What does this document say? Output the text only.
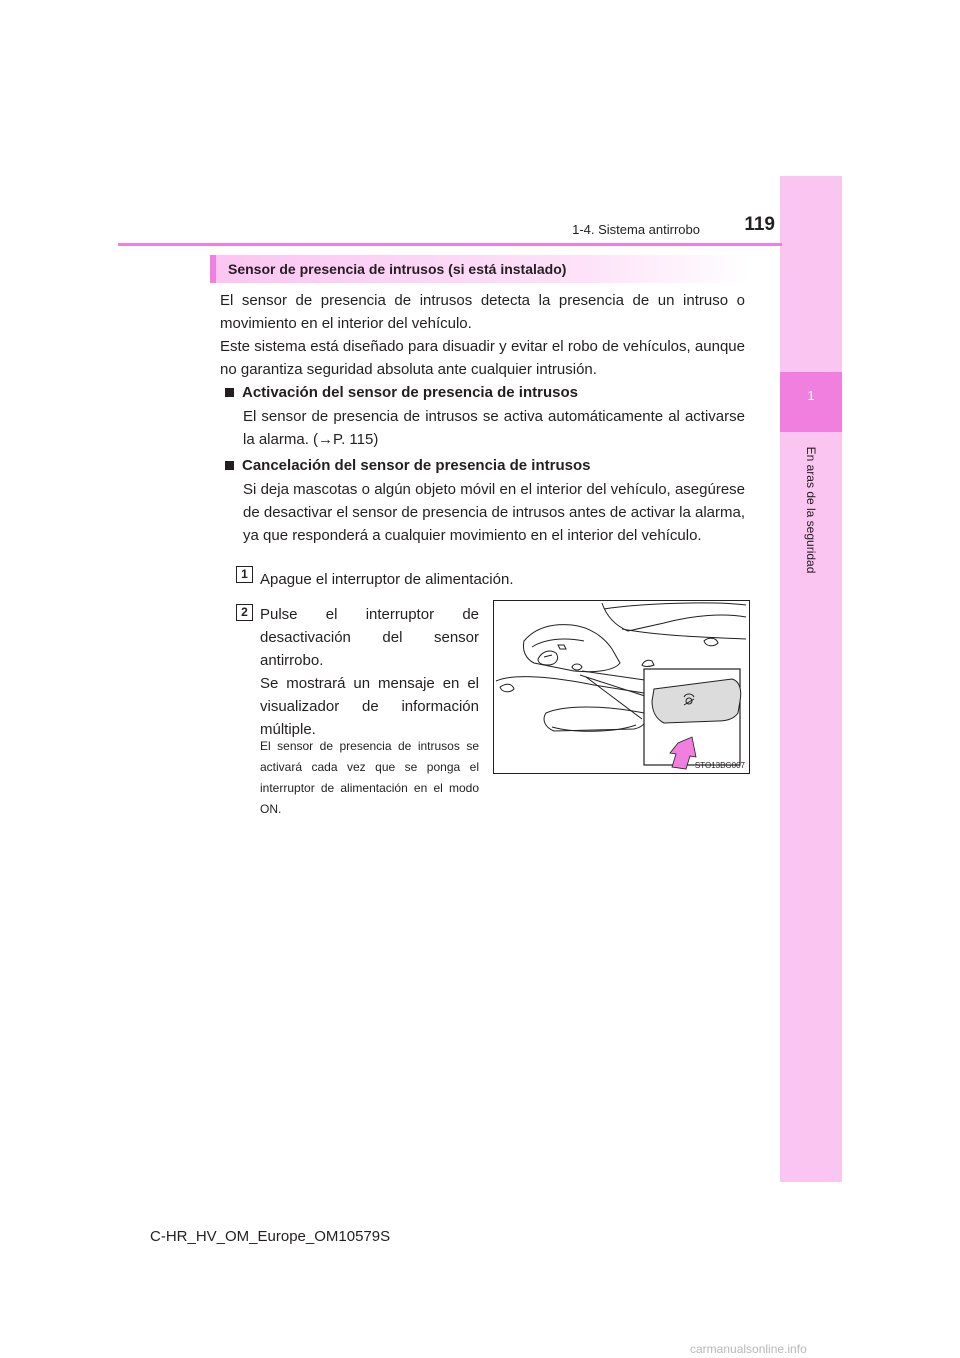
1
En aras de la seguridad
1-4. Sistema antirrobo	119
Sensor de presencia de intrusos (si está instalado)

El sensor de presencia de intrusos detecta la presencia de un intruso o movimiento en el interior del vehículo.

Este sistema está diseñado para disuadir y evitar el robo de vehículos, aunque no garantiza seguridad absoluta ante cualquier intrusión.

Activación del sensor de presencia de intrusos

El sensor de presencia de intrusos se activa automáticamente al activarse la alarma. (→P. 115)

Cancelación del sensor de presencia de intrusos

Si deja mascotas o algún objeto móvil en el interior del vehículo, asegúrese de desactivar el sensor de presencia de intrusos antes de activar la alarma, ya que responderá a cualquier movimiento en el interior del vehículo.

1 Apague el interruptor de alimentación.
2 Pulse el interruptor de desactivación del sensor antirrobo.

Se mostrará un mensaje en el visualizador de información múltiple.

El sensor de presencia de intrusos se activará cada vez que se ponga el interruptor de alimentación en el modo ON.

STO13BG007
C-HR_HV_OM_Europe_OM10579S
carmanualsonline.info
